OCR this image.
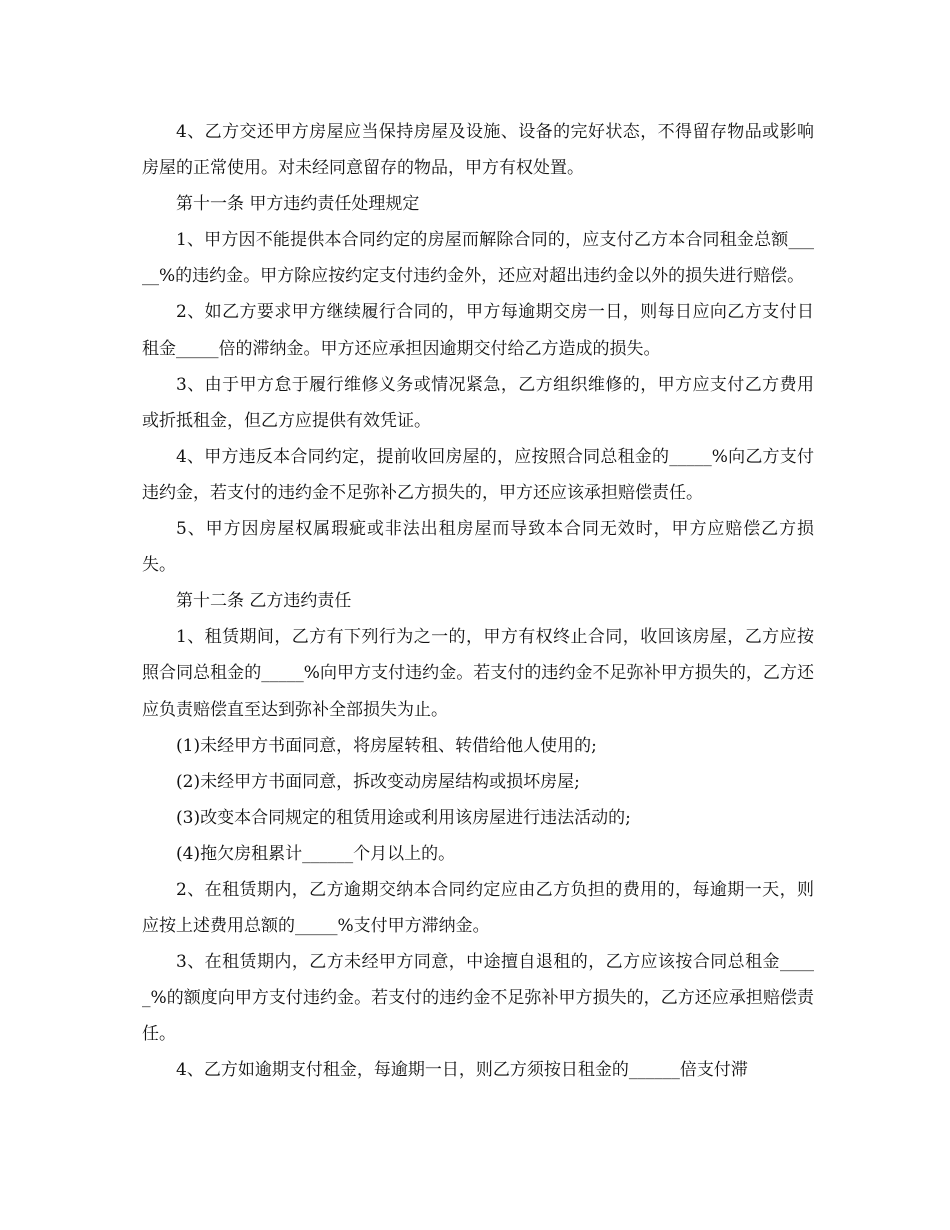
4、乙方交还甲方房屋应当保持房屋及设施、设备的完好状态，不得留存物品或影响房屋的正常使用。对未经同意留存的物品，甲方有权处置。

第十一条 甲方违约责任处理规定

1、甲方因不能提供本合同约定的房屋而解除合同的，应支付乙方本合同租金总额_____%的违约金。甲方除应按约定支付违约金外，还应对超出违约金以外的损失进行赔偿。

2、如乙方要求甲方继续履行合同的，甲方每逾期交房一日，则每日应向乙方支付日租金_____倍的滞纳金。甲方还应承担因逾期交付给乙方造成的损失。

3、由于甲方怠于履行维修义务或情况紧急，乙方组织维修的，甲方应支付乙方费用或折抵租金，但乙方应提供有效凭证。

4、甲方违反本合同约定，提前收回房屋的，应按照合同总租金的_____%向乙方支付违约金，若支付的违约金不足弥补乙方损失的，甲方还应该承担赔偿责任。

5、甲方因房屋权属瑕疵或非法出租房屋而导致本合同无效时，甲方应赔偿乙方损失。

第十二条 乙方违约责任

1、租赁期间，乙方有下列行为之一的，甲方有权终止合同，收回该房屋，乙方应按照合同总租金的_____%向甲方支付违约金。若支付的违约金不足弥补甲方损失的，乙方还应负责赔偿直至达到弥补全部损失为止。

(1)未经甲方书面同意，将房屋转租、转借给他人使用的;

(2)未经甲方书面同意，拆改变动房屋结构或损坏房屋;

(3)改变本合同规定的租赁用途或利用该房屋进行违法活动的;

(4)拖欠房租累计______个月以上的。

2、在租赁期内，乙方逾期交纳本合同约定应由乙方负担的费用的，每逾期一天，则应按上述费用总额的_____%支付甲方滞纳金。

3、在租赁期内，乙方未经甲方同意，中途擅自退租的，乙方应该按合同总租金_____%的额度向甲方支付违约金。若支付的违约金不足弥补甲方损失的，乙方还应承担赔偿责任。

4、乙方如逾期支付租金，每逾期一日，则乙方须按日租金的______倍支付滞
